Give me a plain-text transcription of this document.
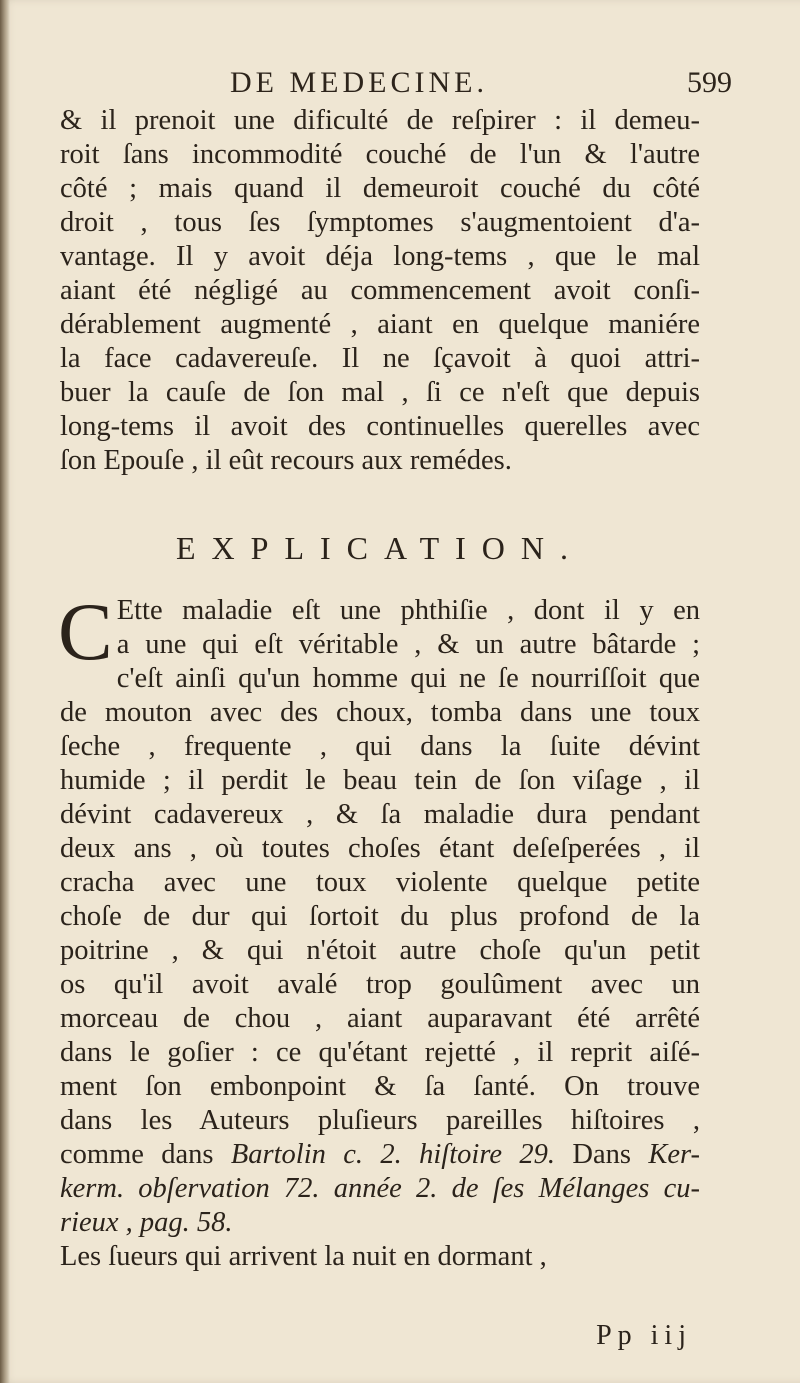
DE MEDECINE.	599
& il prenoit une dificulté de reſpirer : il demeu-
roit ſans incommodité couché de l'un & l'autre
côté ; mais quand il demeuroit couché du côté
droit , tous ſes ſymptomes s'augmentoient d'a-
vantage. Il y avoit déja long-tems , que le mal
aiant été négligé au commencement avoit conſi-
dérablement augmenté , aiant en quelque maniére
la face cadavereuſe. Il ne ſçavoit à quoi attri-
buer la cauſe de ſon mal , ſi ce n'eſt que depuis
long-tems il avoit des continuelles querelles avec
ſon Epouſe , il eût recours aux remédes.
EXPLICATION.
C Ette maladie eſt une phthiſie , dont il y en
a une qui eſt véritable , & un autre bâtarde ;
c'eſt ainſi qu'un homme qui ne ſe nourriſſoit que
de mouton avec des choux, tomba dans une toux
ſeche , frequente , qui dans la ſuite dévint
humide ; il perdit le beau tein de ſon viſage , il
dévint cadavereux , & ſa maladie dura pendant
deux ans , où toutes choſes étant deſeſperées , il
cracha avec une toux violente quelque petite
choſe de dur qui ſortoit du plus profond de la
poitrine , & qui n'étoit autre choſe qu'un petit
os qu'il avoit avalé trop goulûment avec un
morceau de chou , aiant auparavant été arrêté
dans le goſier : ce qu'étant rejetté , il reprit aiſé-
ment ſon embonpoint & ſa ſanté. On trouve
dans les Auteurs pluſieurs pareilles hiſtoires ,
comme dans Bartolin c. 2. hiſtoire 29. Dans Ker-
kerm. obſervation 72. année 2. de ſes Mélanges cu-
rieux , pag. 58.
Les ſueurs qui arrivent la nuit en dormant ,
Pp iij
